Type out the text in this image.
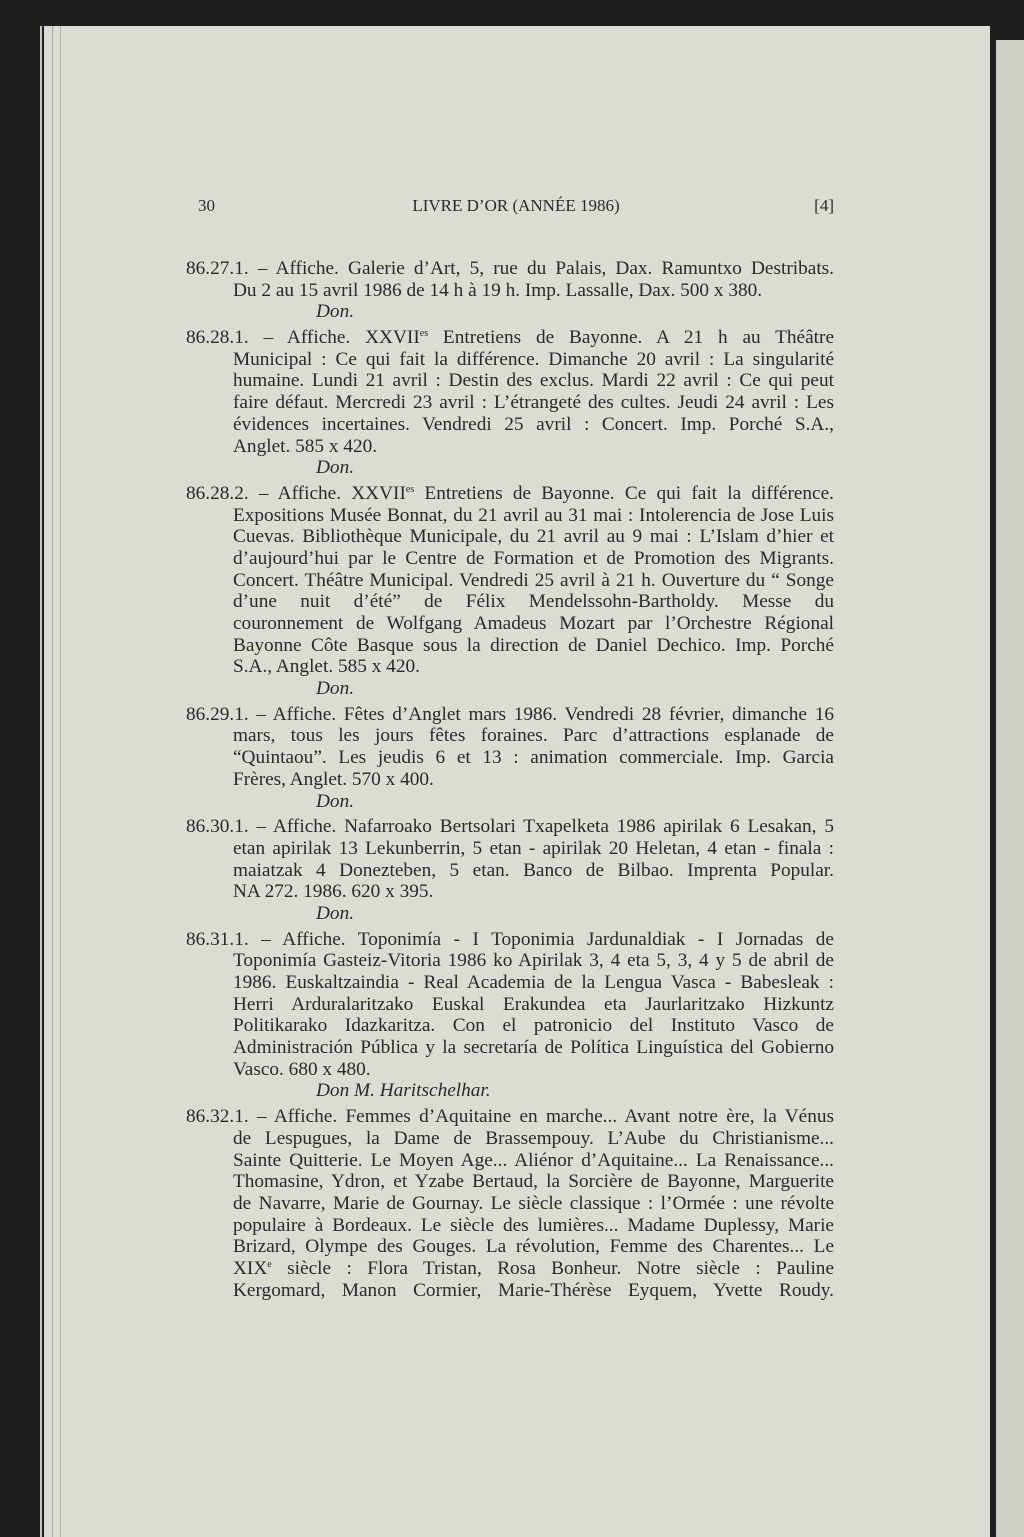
30	LIVRE D’OR (ANNÉE 1986)	[4]
86.27.1. – Affiche. Galerie d’Art, 5, rue du Palais, Dax. Ramuntxo Destribats.
Du 2 au 15 avril 1986 de 14 h à 19 h. Imp. Lassalle, Dax. 500 x 380.
Don.
86.28.1. – Affiche. $XXVII^{es}$ Entretiens de Bayonne. A 21 h au Théâtre
Municipal : Ce qui fait la différence. Dimanche 20 avril : La singularité
humaine. Lundi 21 avril : Destin des exclus. Mardi 22 avril : Ce qui peut
faire défaut. Mercredi 23 avril : L’étrangeté des cultes. Jeudi 24 avril : Les
évidences incertaines. Vendredi 25 avril : Concert. Imp. Porché S.A.,
Anglet. 585 x 420.
Don.
86.28.2. – Affiche. $XXVII^{es}$ Entretiens de Bayonne. Ce qui fait la différence.
Expositions Musée Bonnat, du 21 avril au 31 mai : Intolerencia de Jose Luis
Cuevas. Bibliothèque Municipale, du 21 avril au 9 mai : L’Islam d’hier et
d’aujourd’hui par le Centre de Formation et de Promotion des Migrants.
Concert. Théâtre Municipal. Vendredi 25 avril à 21 h. Ouverture du “ Songe
d’une nuit d’été” de Félix Mendelssohn-Bartholdy. Messe du
couronnement de Wolfgang Amadeus Mozart par l’Orchestre Régional
Bayonne Côte Basque sous la direction de Daniel Dechico. Imp. Porché
S.A., Anglet. 585 x 420.
Don.
86.29.1. – Affiche. Fêtes d’Anglet mars 1986. Vendredi 28 février, dimanche 16
mars, tous les jours fêtes foraines. Parc d’attractions esplanade de
“Quintaou”. Les jeudis 6 et 13 : animation commerciale. Imp. Garcia
Frères, Anglet. 570 x 400.
Don.
86.30.1. – Affiche. Nafarroako Bertsolari Txapelketa 1986 apirilak 6 Lesakan, 5
etan apirilak 13 Lekunberrin, 5 etan - apirilak 20 Heletan, 4 etan - finala :
maiatzak 4 Donezteben, 5 etan. Banco de Bilbao. Imprenta Popular.
NA 272. 1986. 620 x 395.
Don.
86.31.1. – Affiche. Toponimía - I Toponimia Jardunaldiak - I Jornadas de
Toponimía Gasteiz-Vitoria 1986 ko Apirilak 3, 4 eta 5, 3, 4 y 5 de abril de
1986. Euskaltzaindia - Real Academia de la Lengua Vasca - Babesleak :
Herri Arduralaritzako Euskal Erakundea eta Jaurlaritzako Hizkuntz
Politikarako Idazkaritza. Con el patronicio del Instituto Vasco de
Administración Pública y la secretaría de Política Linguística del Gobierno
Vasco. 680 x 480.
Don M. Haritschelhar.
86.32.1. – Affiche. Femmes d’Aquitaine en marche... Avant notre ère, la Vénus
de Lespugues, la Dame de Brassempouy. L’Aube du Christianisme...
Sainte Quitterie. Le Moyen Age... Aliénor d’Aquitaine... La Renaissance...
Thomasine, Ydron, et Yzabe Bertaud, la Sorcière de Bayonne, Marguerite
de Navarre, Marie de Gournay. Le siècle classique : l’Ormée : une révolte
populaire à Bordeaux. Le siècle des lumières... Madame Duplessy, Marie
Brizard, Olympe des Gouges. La révolution, Femme des Charentes... Le
XIXe siècle : Flora Tristan, Rosa Bonheur. Notre siècle : Pauline
Kergomard, Manon Cormier, Marie-Thérèse Eyquem, Yvette Roudy.
